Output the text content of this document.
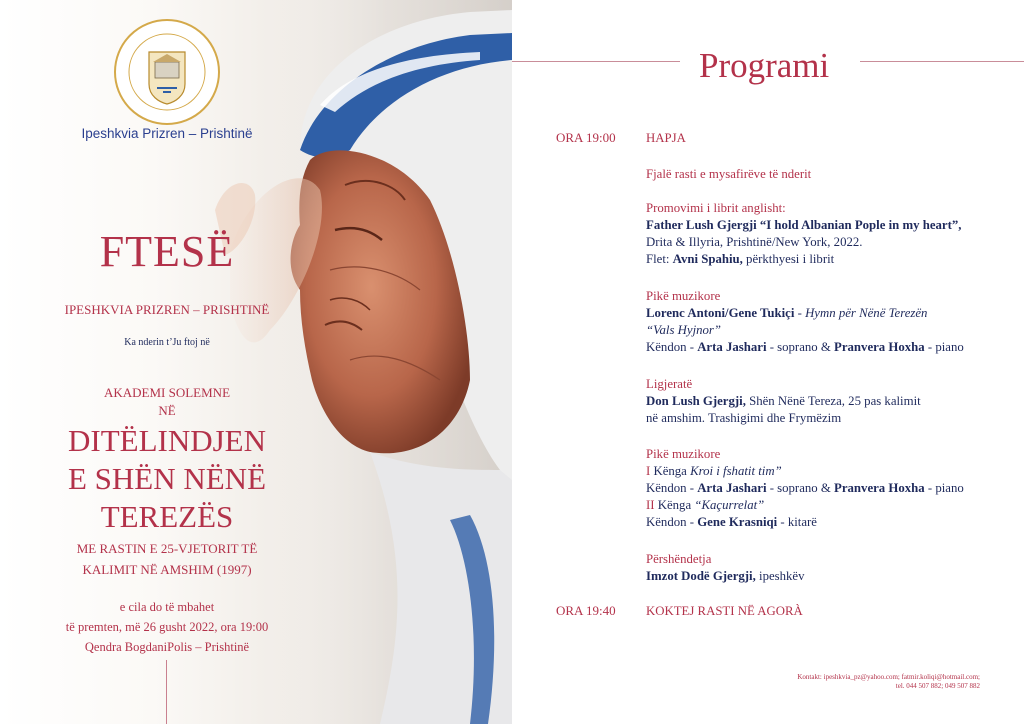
Ipeshkvia Prizren – Prishtinë
FTESË
IPESHKVIA PRIZREN – PRISHTINË
Ka nderin t’Ju ftoj në
AKADEMI SOLEMNE
NË
DITËLINDJEN
E SHËN NËNË
TEREZËS
ME RASTIN E 25-VJETORIT TË
KALIMIT NË AMSHIM (1997)
e cila do të mbahet
të premten, më 26 gusht 2022, ora 19:00
Qendra BogdaniPolis – Prishtinë
Programi
ORA 19:00 HAPJA
Fjalë rasti e mysafirëve të nderit
Promovimi i librit anglisht:
Father Lush Gjergji “I hold Albanian Pople in my heart”,
Drita & Illyria, Prishtinë/New York, 2022.
Flet: Avni Spahiu, përkthyesi i librit
Pikë muzikore
Lorenc Antoni/Gene Tukiçi - Hymn për Nënë Terezën
“Vals Hyjnor”
Këndon - Arta Jashari - soprano & Pranvera Hoxha - piano
Ligjeratë
Don Lush Gjergji, Shën Nënë Tereza, 25 pas kalimit
në amshim. Trashigimi dhe Frymëzim
Pikë muzikore
I Kënga Kroi i fshatit tim”
Këndon - Arta Jashari - soprano & Pranvera Hoxha - piano
II Kënga “Kaçurrelat”
Këndon - Gene Krasniqi - kitarë
Përshëndetja
Imzot Dodë Gjergji, ipeshkëv
ORA 19:40 KOKTEJ RASTI NË AGORÀ
Kontakt: ipeshkvia_pz@yahoo.com; fatmir.koliqi@hotmail.com;
tel. 044 507 882; 049 507 882
